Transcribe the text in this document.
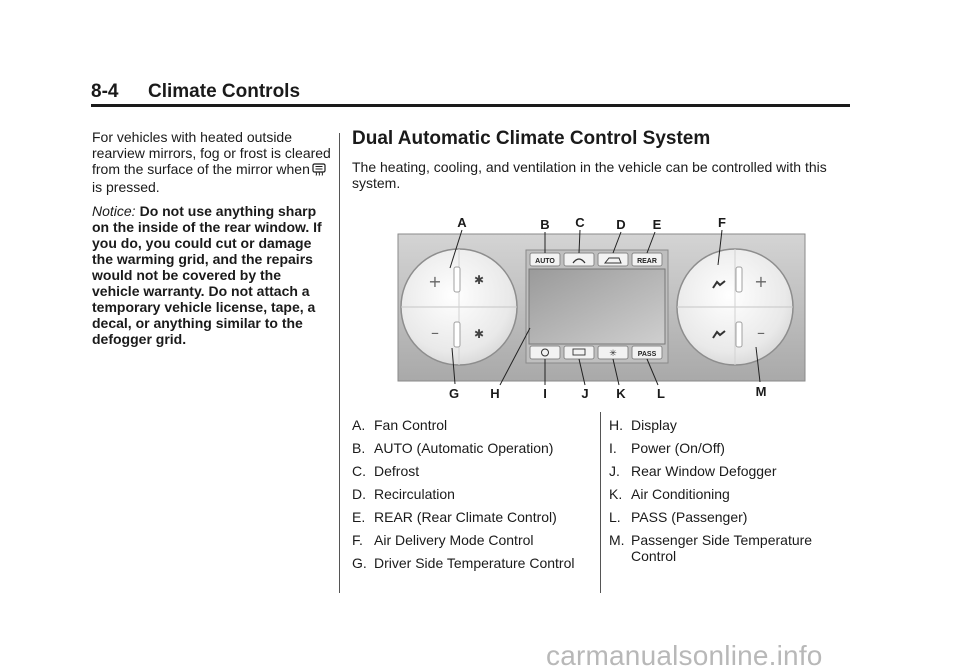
8-4 Climate Controls

For vehicles with heated outside rearview mirrors, fog or frost is cleared from the surface of the mirror whenis pressed.

Notice: Do not use anything sharp on the inside of the rear window. If you do, you could cut or damage the warming grid, and the repairs would not be covered by the vehicle warranty. Do not attach a temporary vehicle license, tape, a decal, or anything similar to the defogger grid.

Dual Automatic Climate Control System

The heating, cooling, and ventilation in the vehicle can be controlled with this system.

+
–
✱
✱
+
–
AUTO	REAR
✳	PASS
A	B C D E	F
G H	I	J K L	M
A. Fan Control
B. AUTO (Automatic Operation)
C. Defrost
D. Recirculation
E. REAR (Rear Climate Control)
F. Air Delivery Mode Control
G. Driver Side Temperature Control
H. Display
I.	Power (On/Off)
J. Rear Window Defogger
K. Air Conditioning
L. PASS (Passenger)
M. Passenger Side Temperature Control
carmanualsonline.info
